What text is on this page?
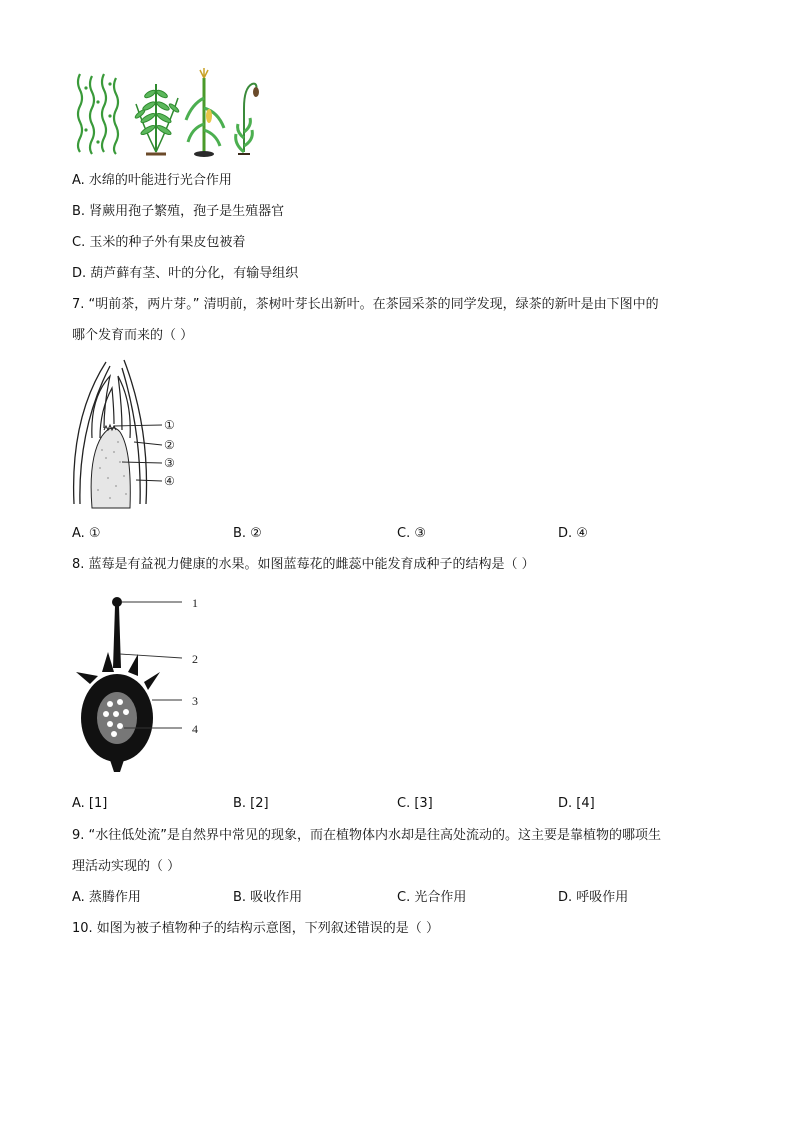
A. 水绵的叶能进行光合作用
B. 肾蕨用孢子繁殖，孢子是生殖器官
C. 玉米的种子外有果皮包被着
D. 葫芦藓有茎、叶的分化，有输导组织
7. “明前茶，两片芽。” 清明前，茶树叶芽长出新叶。在茶园采茶的同学发现，绿茶的新叶是由下图中的
哪个发育而来的（ ）
①
②
③
④
A. ①	B. ②	C. ③	D. ④
8. 蓝莓是有益视力健康的水果。如图蓝莓花的雌蕊中能发育成种子的结构是（ ）
1
2
3
4
A. [1]	B. [2]	C. [3]	D. [4]
9. “水往低处流”是自然界中常见的现象，而在植物体内水却是往高处流动的。这主要是靠植物的哪项生
理活动实现的（ ）
A. 蒸腾作用	B. 吸收作用	C. 光合作用	D. 呼吸作用
10. 如图为被子植物种子的结构示意图，下列叙述错误的是（ ）
